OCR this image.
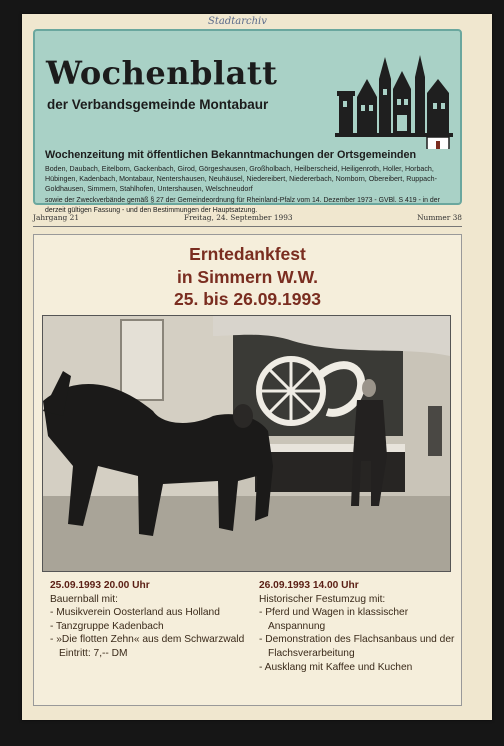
Stadtarchiv
Wochenblatt
der Verbandsgemeinde Montabaur
Wochenzeitung mit öffentlichen Bekanntmachungen der Ortsgemeinden
Boden, Daubach, Eitelborn, Gackenbach, Girod, Görgeshausen, Großholbach, Heilberscheid, Heiligenroth, Holler, Horbach, Hübingen, Kadenbach, Montabaur, Nentershausen, Neuhäusel, Niedereibert, Niedererbach, Nomborn, Obereibert, Ruppach-Goldhausen, Simmern, Stahlhofen, Untershausen, Welschneudorf
sowie der Zweckverbände gemäß § 27 der Gemeindeordnung für Rheinland-Pfalz vom 14. Dezember 1973 - GVBl. S 419 - in der derzeit gültigen Fassung - und den Bestimmungen der Hauptsatzung.
Jahrgang 21	Freitag, 24. September 1993	Nummer 38
Erntedankfest
in Simmern W.W.
25. bis 26.09.1993
25.09.1993 20.00 Uhr
Bauernball mit:
- Musikverein Oosterland aus Holland
- Tanzgruppe Kadenbach
- »Die flotten Zehn« aus dem Schwarzwald
Eintritt: 7,-- DM
26.09.1993 14.00 Uhr
Historischer Festumzug mit:
- Pferd und Wagen in klassischer Anspannung
- Demonstration des Flachsanbaus und der Flachsverarbeitung
- Ausklang mit Kaffee und Kuchen
